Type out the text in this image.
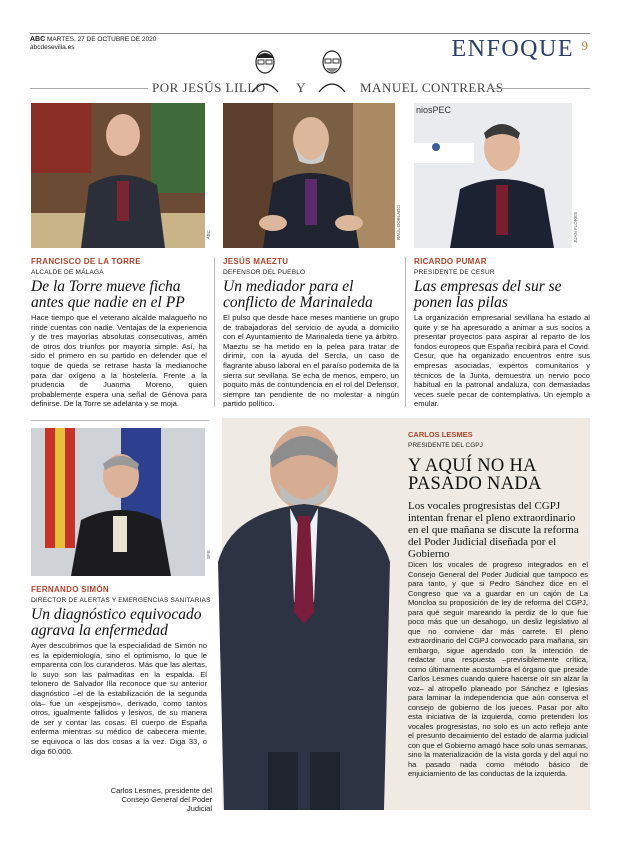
ABC MARTES, 27 DE OCTUBRE DE 2020
abcdesevilla.es	ENFOQUE 9
POR JESÚS LILLO Y	MANUEL CONTRERAS
ABC	RAÚL DOBLADO
niosPEC
JUAN FLORES
FRANCISCO DE LA TORRE
ALCALDE DE MÁLAGA
De la Torre mueve ficha antes que nadie en el PP
Hace tiempo que el veterano alcalde malagueño no rinde cuentas con nadie. Ventajas de la experiencia y de tres mayorías absolutas consecutivas, amén de otros dos triunfos por mayoría simple. Así, ha sido el primero en su partido en defender que el toque de queda se retrase hasta la medianoche para dar oxígeno a la hostelería. Frente a la prudencia de Juanma Moreno, quien probablemente espera una señal de Génova para definirse. De la Torre se adelanta y se moja.
JESÚS MAEZTU
DEFENSOR DEL PUEBLO
Un mediador para el conflicto de Marinaleda
El pulso que desde hace meses mantiene un grupo de trabajadoras del servicio de ayuda a domicilio con el Ayuntamiento de Marinaleda tiene ya árbitro. Maeztu se ha metido en la pelea para tratar de dirimir, con la ayuda del Sercla, un caso de flagrante abuso laboral en el paraíso podemita de la sierra sur sevillana. Se echa de menos, empero, un poquito más de contundencia en el rol del Defensor, siempre tan pendiente de no molestar a ningún partido político.
RICARDO PUMAR
PRESIDENTE DE CESUR
Las empresas del sur se ponen las pilas
La organización empresarial sevillana ha estado al quite y se ha apresurado a animar a sus socios a presentar proyectos para aspirar al reparto de los fondos europeos que España recibirá para el Covid. Cesur, que ha organizado encuentros entre sus empresas asociadas, expertos comunitarios y técnicos de la Junta, demuestra un nervio poco habitual en la patronal andaluza, con demasiadas veces suele pecar de contemplativa. Un ejemplo a emular.
EFE
FERNANDO SIMÓN
DIRECTOR DE ALERTAS Y EMERGENCIAS SANITARIAS
Un diagnóstico equivocado agrava la enfermedad
Ayer descubrimos que la especialidad de Simón no es la epidemiología, sino el optimismo, lo que le emparenta con los curanderos. Más que las alertas, lo suyo son las palmaditas en la espalda. El telonero de Salvador Illa reconoce que su anterior diagnóstico –el de la estabilización de la segunda ola– fue un «espejismo», derivado, como tantos otros, igualmente fallidos y lesivos, de su manera de ser y contar las cosas. El cuerpo de España enferma mientras su médico de cabecera miente, se equivoca o las dos cosas a la vez. Diga 33, o diga 60.000.
CARLOS LESMES
PRESIDENTE DEL CGPJ
Y AQUÍ NO HA
PASADO NADA
Los vocales progresistas del CGPJ intentan frenar el pleno extraordinario en el que mañana se discute la reforma del Poder Judicial diseñada por el Gobierno
Dicen los vocales de progreso integrados en el Consejo General del Poder Judicial que tampoco es para tanto, y que si Pedro Sánchez dice en el Congreso que va a guardar en un cajón de La Moncloa su proposición de ley de reforma del CGPJ, para qué seguir mareando la perdiz de lo que fue poco más que un desahogo, un desliz legislativo al que no conviene dar más carrete. El pleno extraordinario del CGPJ convocado para mañana, sin embargo, sigue agendado con la intención de redactar una respuesta –previsiblemente crítica, como últimamente acostumbra el órgano que preside Carlos Lesmes cuando quiere hacerse oír sin alzar la voz– al atropello planeado por Sánchez e Iglesias para laminar la independencia que aún conserva el consejo de gobierno de los jueces. Pasar por alto esta iniciativa de la izquierda, como pretenden los vocales progresistas, no solo es un acto reflejo ante el presunto decaimiento del estado de alarma judicial con que el Gobierno amagó hace solo unas semanas, sino la materialización de la vista gorda y del aquí no ha pasado nada como método básico de enjuiciamiento de las conductas de la izquierda.
Carlos Lesmes, presidente del Consejo General del Poder Judicial
